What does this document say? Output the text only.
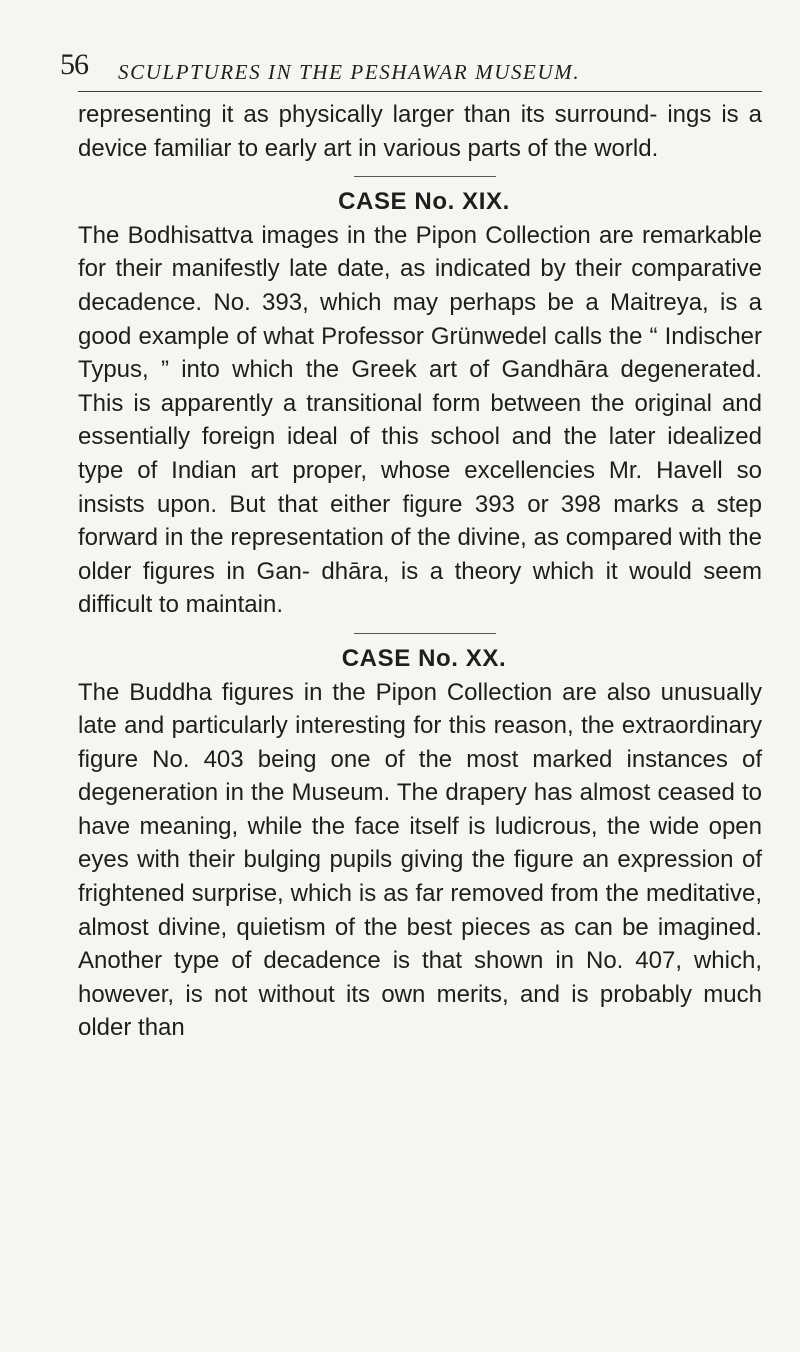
56 SCULPTURES IN THE PESHAWAR MUSEUM.

representing it as physically larger than its surround- ings is a device familiar to early art in various parts of the world.

CASE No. XIX.

The Bodhisattva images in the Pipon Collection are remarkable for their manifestly late date, as indicated by their comparative decadence. No. 393, which may perhaps be a Maitreya, is a good example of what Professor Grünwedel calls the “ Indischer Typus, ” into which the Greek art of Gandhāra degenerated. This is apparently a transitional form between the original and essentially foreign ideal of this school and the later idealized type of Indian art proper, whose excellencies Mr. Havell so insists upon. But that either figure 393 or 398 marks a step forward in the representation of the divine, as compared with the older figures in Gan- dhāra, is a theory which it would seem difficult to maintain.

CASE No. XX.

The Buddha figures in the Pipon Collection are also unusually late and particularly interesting for this reason, the extraordinary figure No. 403 being one of the most marked instances of degeneration in the Museum. The drapery has almost ceased to have meaning, while the face itself is ludicrous, the wide open eyes with their bulging pupils giving the figure an expression of frightened surprise, which is as far removed from the meditative, almost divine, quietism of the best pieces as can be imagined. Another type of decadence is that shown in No. 407, which, however, is not without its own merits, and is probably much older than
